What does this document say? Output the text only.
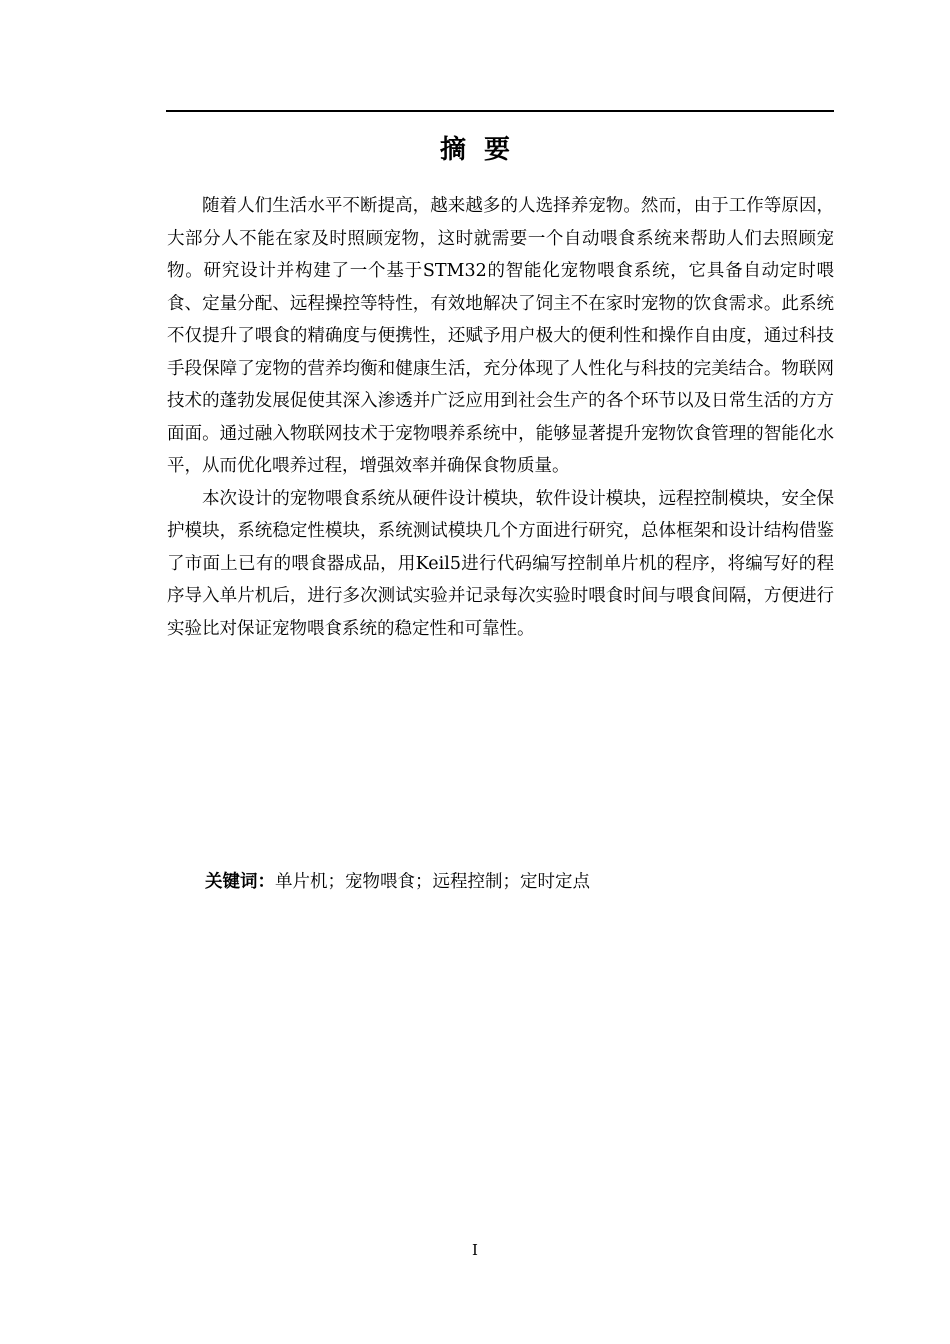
摘  要

随着人们生活水平不断提高，越来越多的人选择养宠物。然而，由于工作等原因，大部分人不能在家及时照顾宠物，这时就需要一个自动喂食系统来帮助人们去照顾宠物。研究设计并构建了一个基于STM32的智能化宠物喂食系统，它具备自动定时喂食、定量分配、远程操控等特性，有效地解决了饲主不在家时宠物的饮食需求。此系统不仅提升了喂食的精确度与便携性，还赋予用户极大的便利性和操作自由度，通过科技手段保障了宠物的营养均衡和健康生活，充分体现了人性化与科技的完美结合。物联网技术的蓬勃发展促使其深入渗透并广泛应用到社会生产的各个环节以及日常生活的方方面面。通过融入物联网技术于宠物喂养系统中，能够显著提升宠物饮食管理的智能化水平，从而优化喂养过程，增强效率并确保食物质量。

本次设计的宠物喂食系统从硬件设计模块，软件设计模块，远程控制模块，安全保护模块，系统稳定性模块，系统测试模块几个方面进行研究，总体框架和设计结构借鉴了市面上已有的喂食器成品，用Keil5进行代码编写控制单片机的程序，将编写好的程序导入单片机后，进行多次测试实验并记录每次实验时喂食时间与喂食间隔，方便进行实验比对保证宠物喂食系统的稳定性和可靠性。

关键词：单片机；宠物喂食；远程控制；定时定点
I
